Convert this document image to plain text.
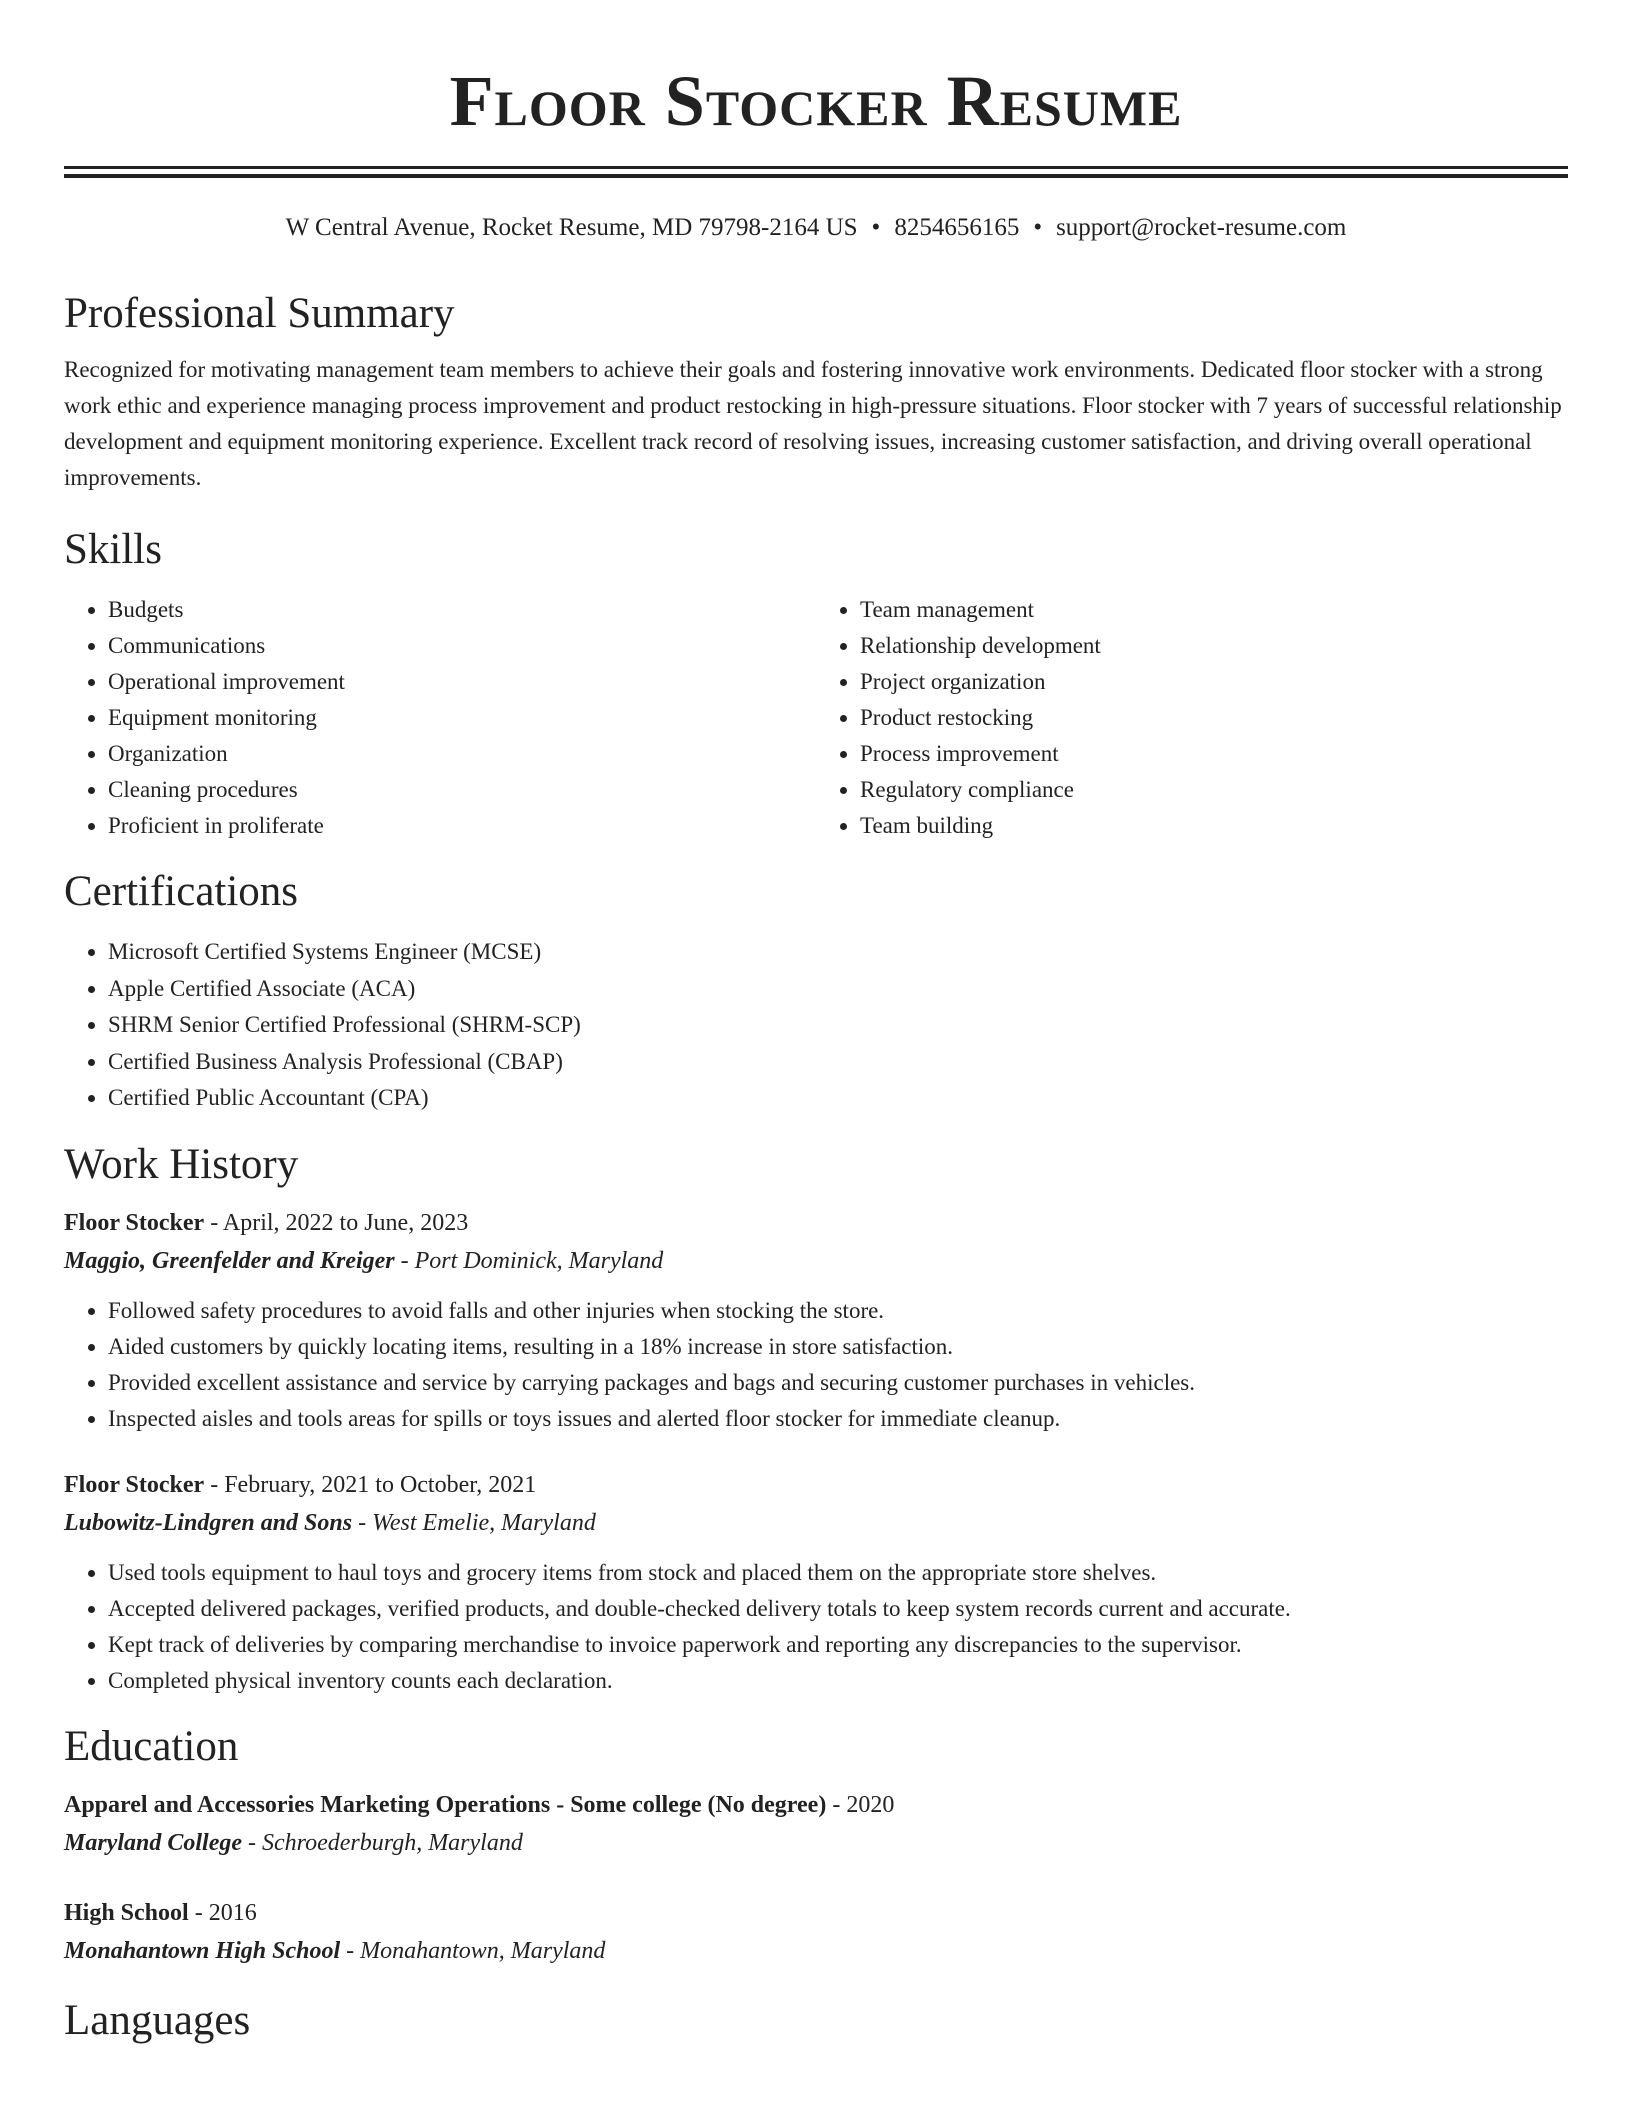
Floor Stocker Resume
W Central Avenue, Rocket Resume, MD 79798-2164 US • 8254656165 • support@rocket-resume.com
Professional Summary
Recognized for motivating management team members to achieve their goals and fostering innovative work environments. Dedicated floor stocker with a strong work ethic and experience managing process improvement and product restocking in high-pressure situations. Floor stocker with 7 years of successful relationship development and equipment monitoring experience. Excellent track record of resolving issues, increasing customer satisfaction, and driving overall operational improvements.
Skills
• Budgets
• Communications
• Operational improvement
• Equipment monitoring
• Organization
• Cleaning procedures
• Proficient in proliferate
• Team management
• Relationship development
• Project organization
• Product restocking
• Process improvement
• Regulatory compliance
• Team building
Certifications
• Microsoft Certified Systems Engineer (MCSE)
• Apple Certified Associate (ACA)
• SHRM Senior Certified Professional (SHRM-SCP)
• Certified Business Analysis Professional (CBAP)
• Certified Public Accountant (CPA)
Work History
Floor Stocker - April, 2022 to June, 2023
Maggio, Greenfelder and Kreiger - Port Dominick, Maryland
• Followed safety procedures to avoid falls and other injuries when stocking the store.
• Aided customers by quickly locating items, resulting in a 18% increase in store satisfaction.
• Provided excellent assistance and service by carrying packages and bags and securing customer purchases in vehicles.
• Inspected aisles and tools areas for spills or toys issues and alerted floor stocker for immediate cleanup.
Floor Stocker - February, 2021 to October, 2021
Lubowitz-Lindgren and Sons - West Emelie, Maryland
• Used tools equipment to haul toys and grocery items from stock and placed them on the appropriate store shelves.
• Accepted delivered packages, verified products, and double-checked delivery totals to keep system records current and accurate.
• Kept track of deliveries by comparing merchandise to invoice paperwork and reporting any discrepancies to the supervisor.
• Completed physical inventory counts each declaration.
Education
Apparel and Accessories Marketing Operations - Some college (No degree) - 2020
Maryland College - Schroederburgh, Maryland
High School - 2016
Monahantown High School - Monahantown, Maryland
Languages
